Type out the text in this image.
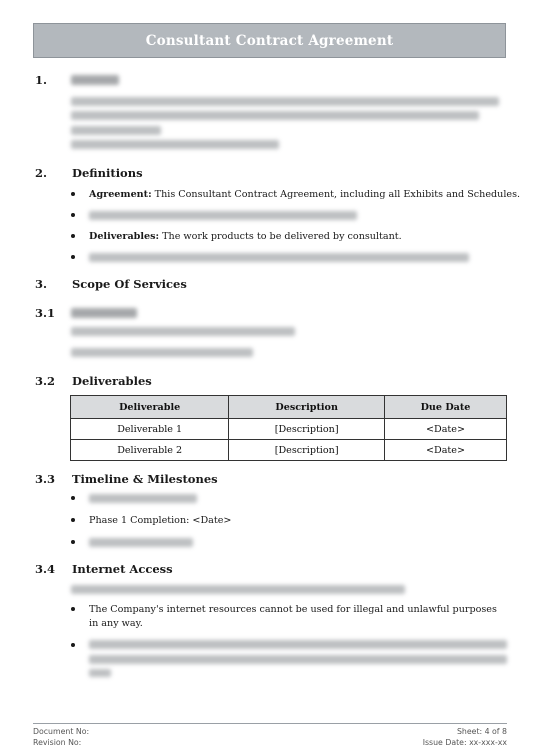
Consultant Contract Agreement
1.
2. Definitions
Agreement: This Consultant Contract Agreement, including all Exhibits and Schedules.
Deliverables: The work products to be delivered by consultant.
3. Scope Of Services
3.1
3.2 Deliverables
Deliverable	Description	Due Date
Deliverable 1	[Description]	<Date>
Deliverable 2	[Description]	<Date>
3.3 Timeline & Milestones
Phase 1 Completion: <Date>
3.4 Internet Access
The Company's internet resources cannot be used for illegal and unlawful purposes in any way.
Document No:
Revision No:
Sheet: 4 of 8
Issue Date: xx-xxx-xx
